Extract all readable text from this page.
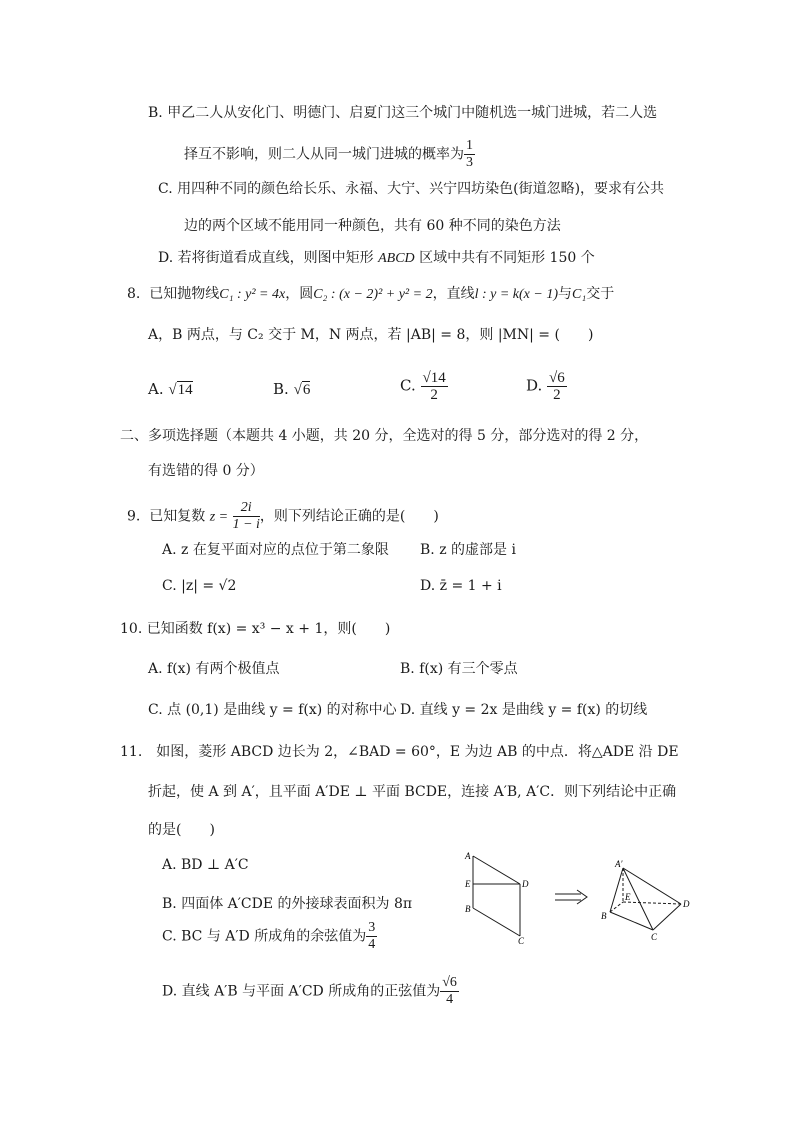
B. 甲乙二人从安化门、明德门、启夏门这三个城门中随机选一城门进城，若二人选
择互不影响，则二人从同一城门进城的概率为 $\frac{1}{3}$
C. 用四种不同的颜色给长乐、永福、大宁、兴宁四坊染色(街道忽略)，要求有公共
边的两个区域不能用同一种颜色，共有 60 种不同的染色方法
D. 若将街道看成直线，则图中矩形 ABCD 区域中共有不同矩形 150 个
8. 已知抛物线C₁ : y² = 4x，圆C₂ : (x − 2)² + y² = 2，直线l : y = k(x − 1)与C₁交于
A，B 两点，与 C₂ 交于 M，N 两点，若 |AB| = 8，则 |MN| = (　　)
A. √14	B. √6	C. $\frac{√14}{2}$	D. $\frac{√6}{2}$
二、多项选择题（本题共 4 小题，共 20 分，全选对的得 5 分，部分选对的得 2 分，
有选错的得 0 分）
9. 已知复数 $z = \frac{2i}{1 - i}$ ，则下列结论正确的是(　　)
A. z 在复平面对应的点位于第二象限 B. z 的虚部是 i
C. |z| = √2	D. z̄ = 1 + i
10. 已知函数 f(x) = x³ − x + 1，则(　　)
A. f(x) 有两个极值点	B. f(x) 有三个零点
C. 点 (0,1) 是曲线 y = f(x) 的对称中心 D. 直线 y = 2x 是曲线 y = f(x) 的切线
11.　如图，菱形 ABCD 边长为 2，∠BAD = 60°，E 为边 AB 的中点．将△ADE 沿 DE
折起，使 A 到 A′，且平面 A′DE ⊥ 平面 BCDE，连接 A′B, A′C．则下列结论中正确
的是(　　)
A. BD ⊥ A′C
B. 四面体 A′CDE 的外接球表面积为 8π
C. BC 与 A′D 所成角的余弦值为 $\frac{3}{4}$
D. 直线 A′B 与平面 A′CD 所成角的正弦值为 $\frac{√6}{4}$
A
E
B
D
C
A′
E
B
D
C
